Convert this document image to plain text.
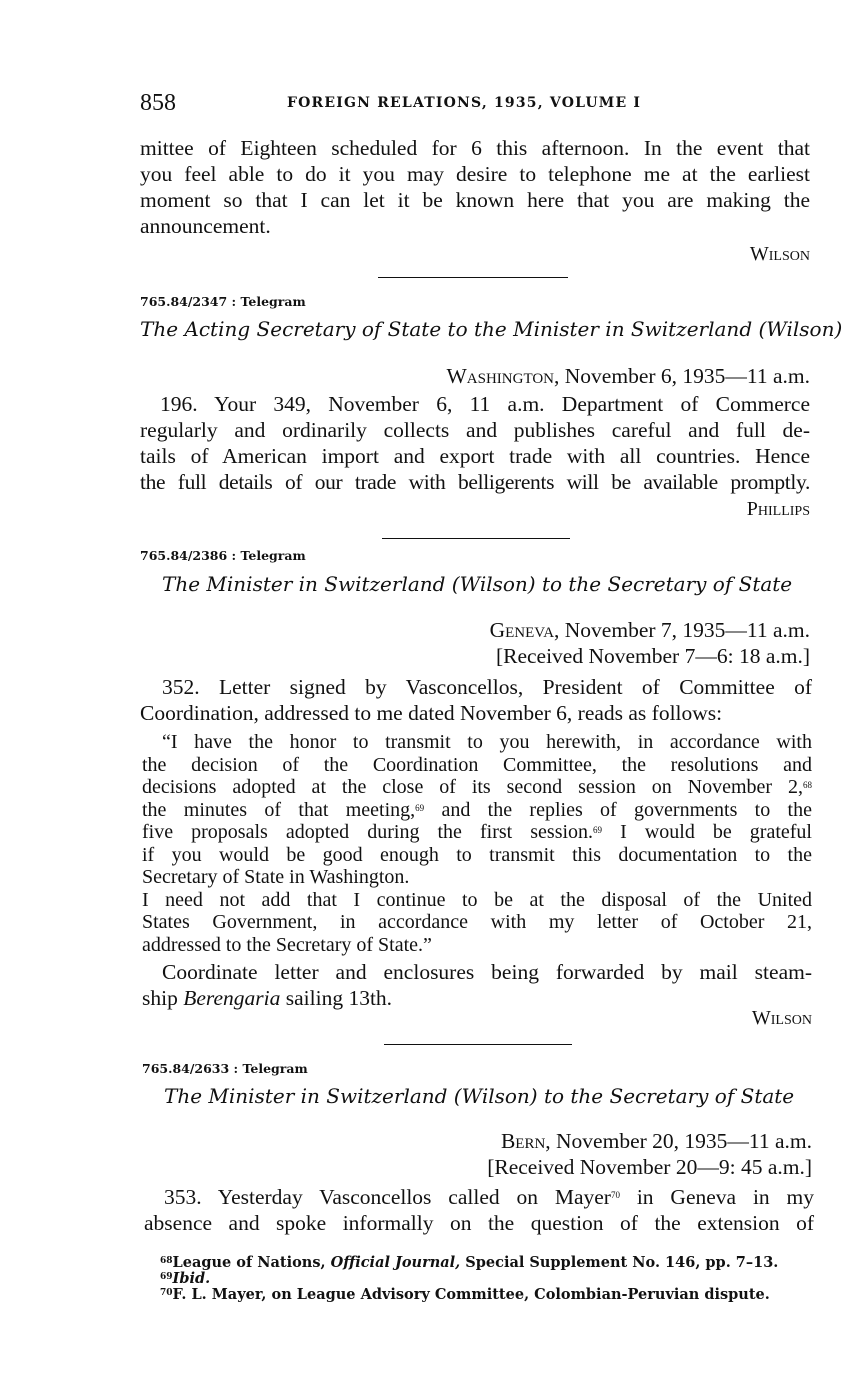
858	FOREIGN RELATIONS, 1935, VOLUME I
mittee of Eighteen scheduled for 6 this afternoon. In the event that
you feel able to do it you may desire to telephone me at the earliest
moment so that I can let it be known here that you are making the
announcement.
Wilson
765.84/2347 : Telegram
The Acting Secretary of State to the Minister in Switzerland (Wilson)
Washington, November 6, 1935—11 a.m.
196. Your 349, November 6, 11 a.m. Department of Commerce
regularly and ordinarily collects and publishes careful and full de-
tails of American import and export trade with all countries. Hence
the full details of our trade with belligerents will be available promptly.
Phillips
765.84/2386 : Telegram
The Minister in Switzerland (Wilson) to the Secretary of State
Geneva, November 7, 1935—11 a.m.
[Received November 7—6: 18 a.m.]
352. Letter signed by Vasconcellos, President of Committee of
Coordination, addressed to me dated November 6, reads as follows:
“I have the honor to transmit to you herewith, in accordance with
the decision of the Coordination Committee, the resolutions and
decisions adopted at the close of its second session on November 2,68
the minutes of that meeting,$^{69}$ and the replies of governments to the
five proposals adopted during the first session.$^{69}$ I would be grateful
if you would be good enough to transmit this documentation to the
Secretary of State in Washington.
I need not add that I continue to be at the disposal of the United
States Government, in accordance with my letter of October 21,
addressed to the Secretary of State.”
Coordinate letter and enclosures being forwarded by mail steam-
ship Berengaria sailing 13th.
Wilson
765.84/2633 : Telegram
The Minister in Switzerland (Wilson) to the Secretary of State
Bern, November 20, 1935—11 a.m.
[Received November 20—9: 45 a.m.]
353. Yesterday Vasconcellos called on Mayer$^{70}$ in Geneva in my
absence and spoke informally on the question of the extension of
$^{68}$League of Nations, Official Journal, Special Supplement No. 146, pp. 7–13.
$^{69}$Ibid.
$^{70}$F. L. Mayer, on League Advisory Committee, Colombian-Peruvian dispute.
